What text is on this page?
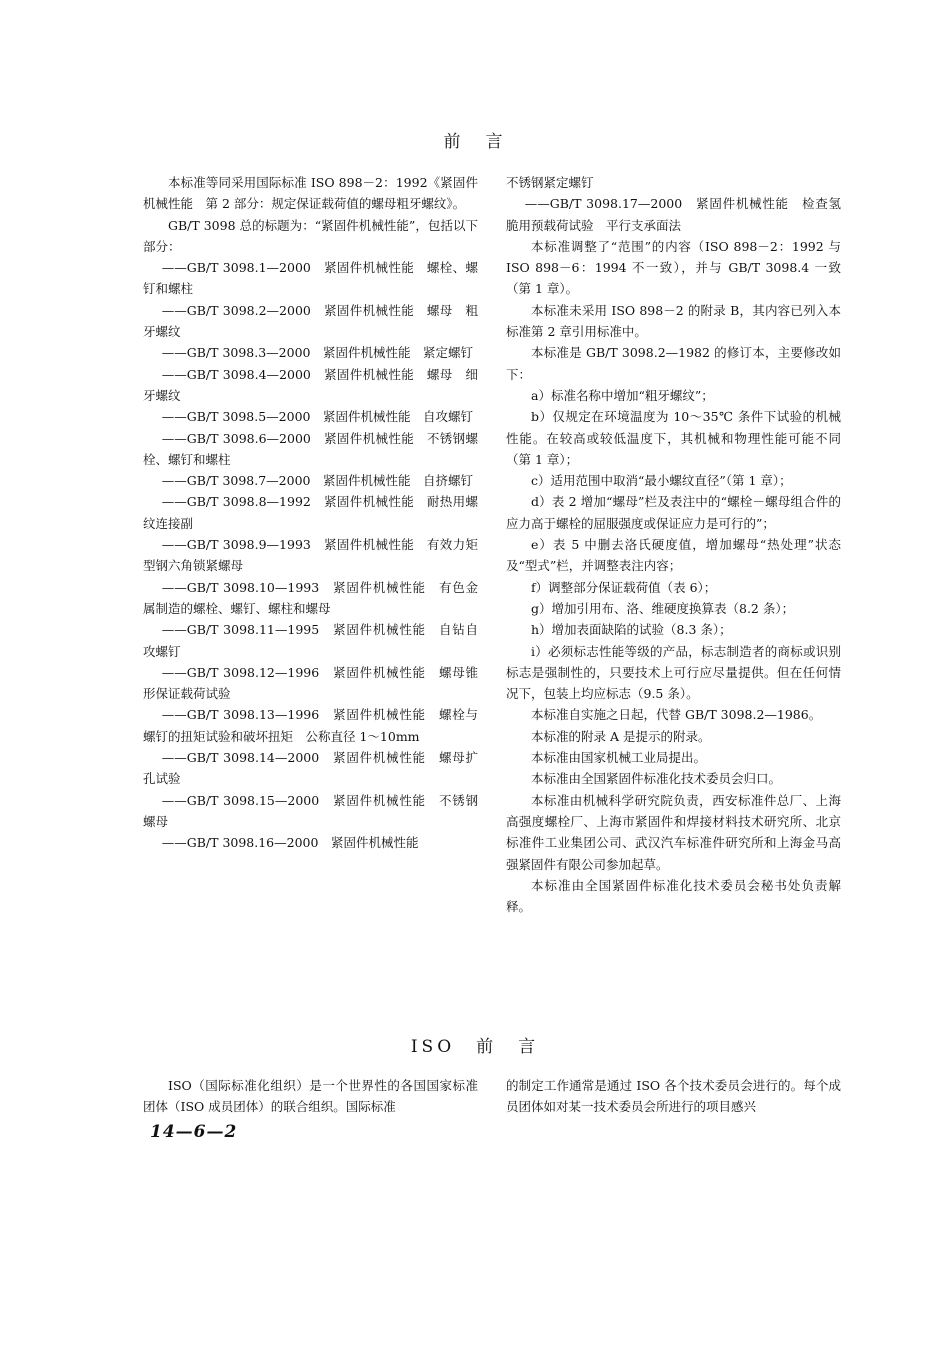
前　言

本标准等同采用国际标准 ISO 898－2：1992《紧固件机械性能　第 2 部分：规定保证载荷值的螺母粗牙螺纹》。

GB/T 3098 总的标题为：“紧固件机械性能”，包括以下部分：

——GB/T 3098.1—2000　紧固件机械性能　螺栓、螺钉和螺柱

——GB/T 3098.2—2000　紧固件机械性能　螺母　粗牙螺纹

——GB/T 3098.3—2000　紧固件机械性能　紧定螺钉

——GB/T 3098.4—2000　紧固件机械性能　螺母　细牙螺纹

——GB/T 3098.5—2000　紧固件机械性能　自攻螺钉

——GB/T 3098.6—2000　紧固件机械性能　不锈钢螺栓、螺钉和螺柱

——GB/T 3098.7—2000　紧固件机械性能　自挤螺钉

——GB/T 3098.8—1992　紧固件机械性能　耐热用螺纹连接副

——GB/T 3098.9—1993　紧固件机械性能　有效力矩型钢六角锁紧螺母

——GB/T 3098.10—1993　紧固件机械性能　有色金属制造的螺栓、螺钉、螺柱和螺母

——GB/T 3098.11—1995　紧固件机械性能　自钻自攻螺钉

——GB/T 3098.12—1996　紧固件机械性能　螺母锥形保证载荷试验

——GB/T 3098.13—1996　紧固件机械性能　螺栓与螺钉的扭矩试验和破坏扭矩　公称直径 1～10mm

——GB/T 3098.14—2000　紧固件机械性能　螺母扩孔试验

——GB/T 3098.15—2000　紧固件机械性能　不锈钢螺母

——GB/T 3098.16—2000　紧固件机械性能

不锈钢紧定螺钉

——GB/T 3098.17—2000　紧固件机械性能　检查氢脆用预载荷试验　平行支承面法

本标准调整了“范围”的内容（ISO 898－2：1992 与 ISO 898－6：1994 不一致），并与 GB/T 3098.4 一致（第 1 章）。

本标准未采用 ISO 898－2 的附录 B，其内容已列入本标准第 2 章引用标准中。

本标准是 GB/T 3098.2—1982 的修订本，主要修改如下：

a）标准名称中增加“粗牙螺纹”；

b）仅规定在环境温度为 10～35℃ 条件下试验的机械性能。在较高或较低温度下，其机械和物理性能可能不同（第 1 章）；

c）适用范围中取消“最小螺纹直径”（第 1 章）；

d）表 2 增加“螺母”栏及表注中的“螺栓－螺母组合件的应力高于螺栓的屈服强度或保证应力是可行的”；

e）表 5 中删去洛氏硬度值，增加螺母“热处理”状态及“型式”栏，并调整表注内容；

f）调整部分保证载荷值（表 6）；

g）增加引用布、洛、维硬度换算表（8.2 条）；

h）增加表面缺陷的试验（8.3 条）；

i）必须标志性能等级的产品，标志制造者的商标或识别标志是强制性的，只要技术上可行应尽量提供。但在任何情况下，包装上均应标志（9.5 条）。

本标准自实施之日起，代替 GB/T 3098.2—1986。

本标准的附录 A 是提示的附录。

本标准由国家机械工业局提出。

本标准由全国紧固件标准化技术委员会归口。

本标准由机械科学研究院负责，西安标准件总厂、上海高强度螺栓厂、上海市紧固件和焊接材料技术研究所、北京标准件工业集团公司、武汉汽车标准件研究所和上海金马高强紧固件有限公司参加起草。

本标准由全国紧固件标准化技术委员会秘书处负责解释。

ISO　前　言

ISO（国际标准化组织）是一个世界性的各国国家标准团体（ISO 成员团体）的联合组织。国际标准

的制定工作通常是通过 ISO 各个技术委员会进行的。每个成员团体如对某一技术委员会所进行的项目感兴

14—6—2
